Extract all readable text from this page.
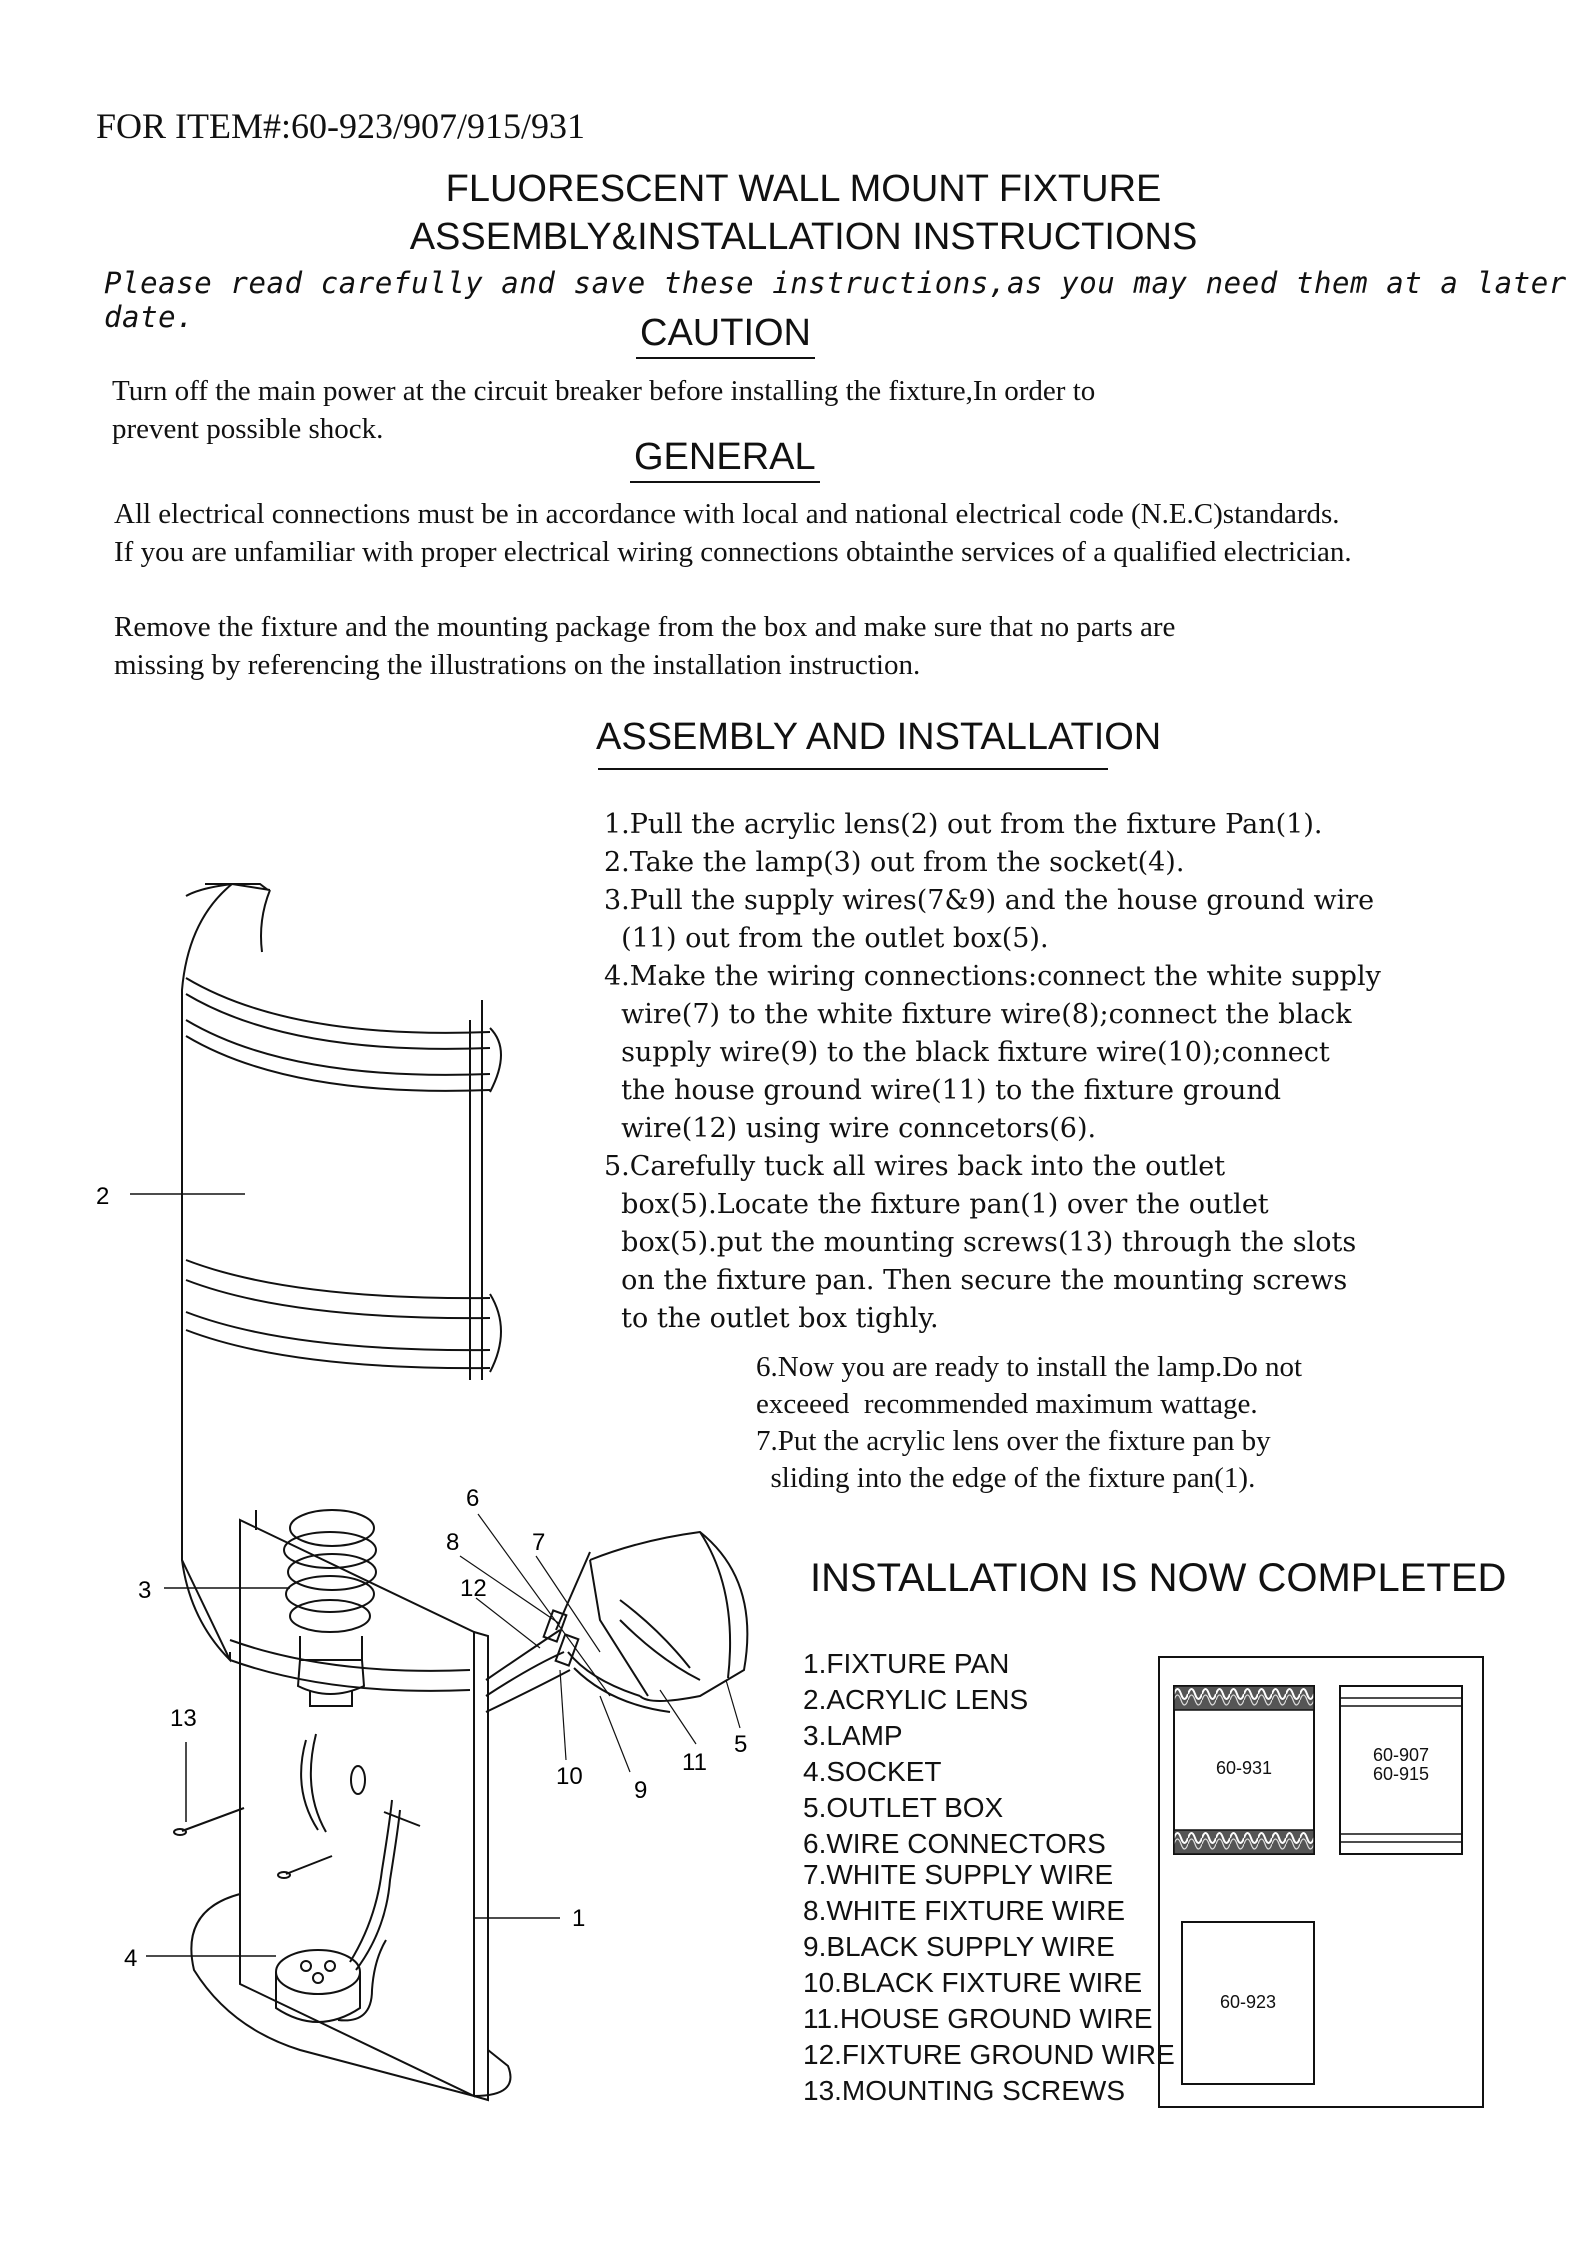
FOR ITEM#:60-923/907/915/931
FLUORESCENT WALL MOUNT FIXTURE
ASSEMBLY&INSTALLATION INSTRUCTIONS
Please read carefully and save these instructions,as you may need them at a later date.	CAUTION
Turn off the main power at the circuit breaker before installing the fixture,In order to
prevent possible shock.
GENERAL
All electrical connections must be in accordance with local and national electrical code (N.E.C)standards.
If you are unfamiliar with proper electrical wiring connections obtainthe services of a qualified electrician.
Remove the fixture and the mounting package from the box and make sure that no parts are
missing by referencing the illustrations on the installation instruction.
ASSEMBLY AND INSTALLATION
1.Pull the acrylic lens(2) out from the fixture Pan(1).
2.Take the lamp(3) out from the socket(4).
3.Pull the supply wires(7&9) and the house ground wire
(11) out from the outlet box(5).
4.Make the wiring connections:connect the white supply
wire(7) to the white fixture wire(8);connect the black
supply wire(9) to the black fixture wire(10);connect
the house ground wire(11) to the fixture ground
wire(12) using wire conncetors(6).
5.Carefully tuck all wires back into the outlet
box(5).Locate the fixture pan(1) over the outlet
box(5).put the mounting screws(13) through the slots
on the fixture pan. Then secure the mounting screws
to the outlet box tighly.
6.Now you are ready to install the lamp.Do not
exceeed  recommended maximum wattage.
7.Put the acrylic lens over the fixture pan by
sliding into the edge of the fixture pan(1).
INSTALLATION IS NOW COMPLETED
1.FIXTURE PAN
2.ACRYLIC LENS
3.LAMP
4.SOCKET
5.OUTLET BOX
6.WIRE CONNECTORS
7.WHITE SUPPLY WIRE
8.WHITE FIXTURE WIRE
9.BLACK SUPPLY WIRE
10.BLACK FIXTURE WIRE
11.HOUSE GROUND WIRE
12.FIXTURE GROUND WIRE
13.MOUNTING SCREWS
60-931
60-907
60-915
60-923
2
1
3
4
5
6
7
8
9
10
11
12
13
